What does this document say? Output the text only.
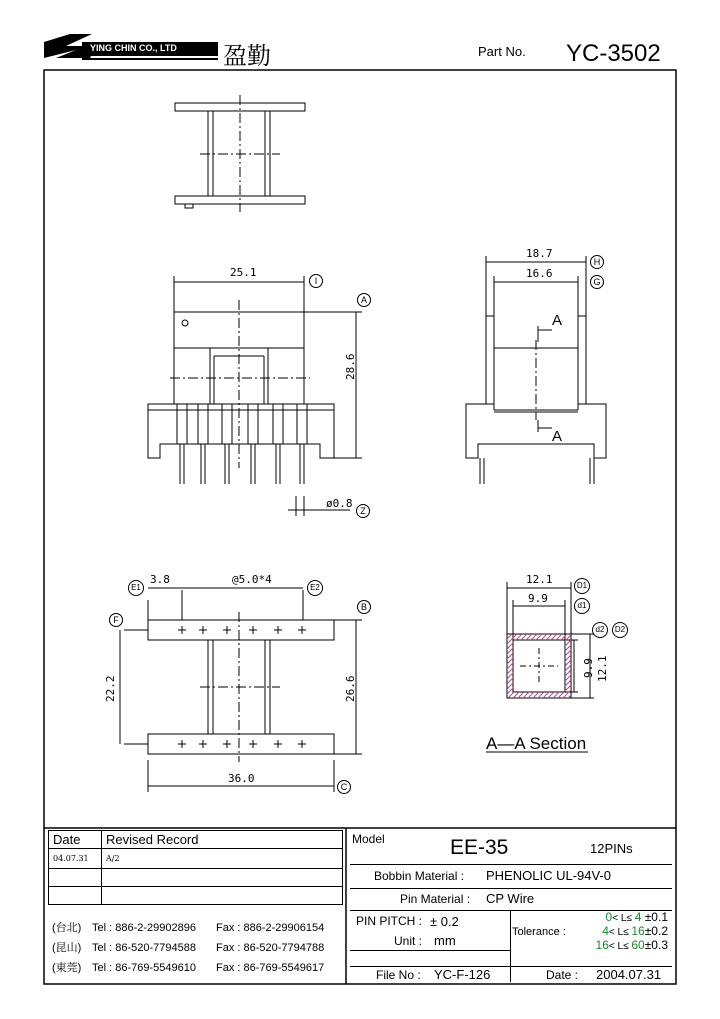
YING CHIN CO., LTD 盈勤	Part No. YC-3502
25.1
28.6
ø0.8
18.7
16.6
3.8	@5.0*4
22.2	26.6
36.0
12.1
9.9
9.9 12.1
A
A
I
A
Z
H
G
B
C
F
E1	E2	D1
d1
d2	D2
A—A Section
Date	Revised Record
04.07.31	A/2

(台北) Tel : 886-2-29902896 Fax : 886-2-29906154
(昆山) Tel : 86-520-7794588 Fax : 86-520-7794788
(東莞) Tel : 86-769-5549610 Fax : 86-769-5549617
Model	EE-35	12PINs
Bobbin Material : PHENOLIC UL-94V-0
Pin Material : CP Wire
PIN PITCH : ± 0.2
Unit : mm
File No : YC-F-126
Tolerance :
0< L≤ 4 ±0.1
4< L≤ 16±0.2
16< L≤ 60±0.3
Date : 2004.07.31
